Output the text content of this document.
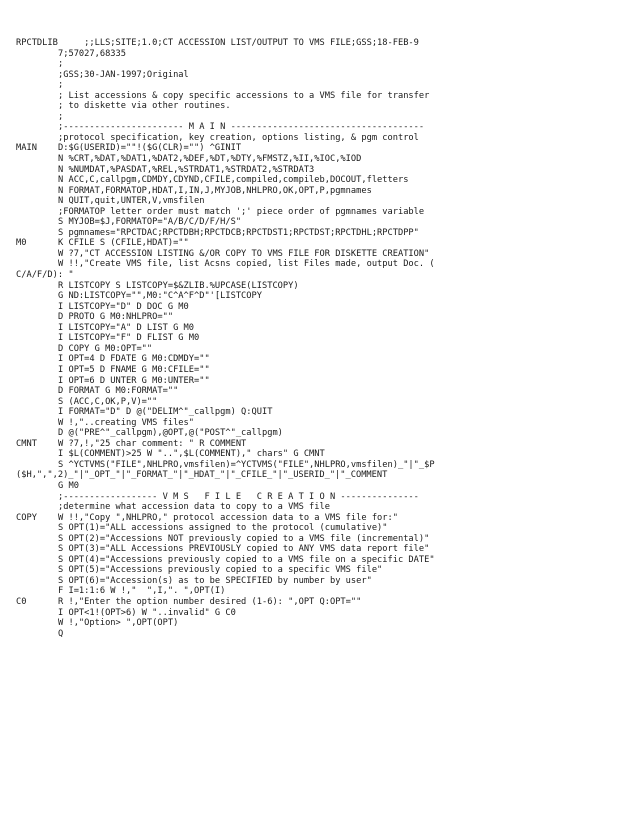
RPCTDLIB ;;LLS;SITE;1.0;CT ACCESSION LIST/OUTPUT TO VMS FILE;GSS;18-FEB-9
7;57027,68335
;
;GSS;30-JAN-1997;Original
;
; List accessions & copy specific accessions to a VMS file for transfer
; to diskette via other routines.
;
;----------------------- M A I N -------------------------------------
;protocol specification, key creation, options listing, & pgm control
MAIN	D:$G(USERID)=""!($G(CLR)="") ^GINIT
N %CRT,%DAT,%DAT1,%DAT2,%DEF,%DT,%DTY,%FMSTZ,%II,%IOC,%IOD
N %NUMDAT,%PASDAT,%REL,%STRDAT1,%STRDAT2,%STRDAT3
N ACC,C,callpgm,CDMDY,CDYND,CFILE,compiled,compileb,DOCOUT,fletters
N FORMAT,FORMATOP,HDAT,I,IN,J,MYJOB,NHLPRO,OK,OPT,P,pgmnames
N QUIT,quit,UNTER,V,vmsfilen
;FORMATOP letter order must match ';' piece order of pgmnames variable
S MYJOB=$J,FORMATOP="A/B/C/D/F/H/S"
S pgmnames="RPCTDAC;RPCTDBH;RPCTDCB;RPCTDST1;RPCTDST;RPCTDHL;RPCTDPP"
M0	K CFILE S (CFILE,HDAT)=""
W ?7,"CT ACCESSION LISTING &/OR COPY TO VMS FILE FOR DISKETTE CREATION"
W !!,"Create VMS file, list Acsns copied, list Files made, output Doc. (
C/A/F/D): "
R LISTCOPY S LISTCOPY=$&ZLIB.%UPCASE(LISTCOPY)
G ND:LISTCOPY="",M0:"C^A^F^D"'[LISTCOPY
I LISTCOPY="D" D DOC G M0
D PROTO G M0:NHLPRO=""
I LISTCOPY="A" D LIST G M0
I LISTCOPY="F" D FLIST G M0
D COPY G M0:OPT=""
I OPT=4 D FDATE G M0:CDMDY=""
I OPT=5 D FNAME G M0:CFILE=""
I OPT=6 D UNTER G M0:UNTER=""
D FORMAT G M0:FORMAT=""
S (ACC,C,OK,P,V)=""
I FORMAT="D" D @("DELIM^"_callpgm) Q:QUIT
W !,"..creating VMS files"
D @("PRE^"_callpgm),@OPT,@("POST^"_callpgm)
CMNT	W ?7,!,"25 char comment: " R COMMENT
I $L(COMMENT)>25 W "..",$L(COMMENT)," chars" G CMNT
S ^YCTVMS("FILE",NHLPRO,vmsfilen)=^YCTVMS("FILE",NHLPRO,vmsfilen)_"|"_$P
($H,",",2)_"|"_OPT_"|"_FORMAT_"|"_HDAT_"|"_CFILE_"|"_USERID_"|"_COMMENT
G M0
;------------------ V M S   F I L E   C R E A T I O N ---------------
;determine what accession data to copy to a VMS file
COPY	W !!,"Copy ",NHLPRO," protocol accession data to a VMS file for:"
S OPT(1)="ALL accessions assigned to the protocol (cumulative)"
S OPT(2)="Accessions NOT previously copied to a VMS file (incremental)"
S OPT(3)="ALL Accessions PREVIOUSLY copied to ANY VMS data report file"
S OPT(4)="Accessions previously copied to a VMS file on a specific DATE"
S OPT(5)="Accessions previously copied to a specific VMS file"
S OPT(6)="Accession(s) as to be SPECIFIED by number by user"
F I=1:1:6 W !,"  ",I,". ",OPT(I)
C0	R !,"Enter the option number desired (1-6): ",OPT Q:OPT=""
I OPT<1!(OPT>6) W "..invalid" G C0
W !,"Option> ",OPT(OPT)
Q
